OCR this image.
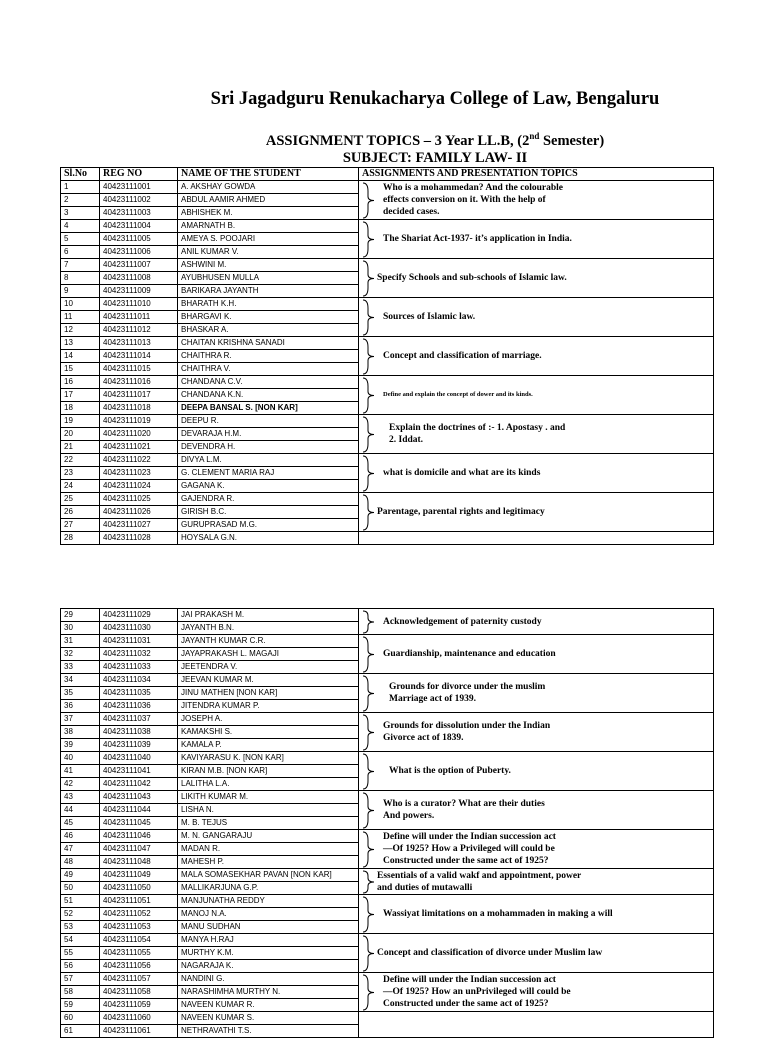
Sri Jagadguru Renukacharya College of Law, Bengaluru
ASSIGNMENT TOPICS – 3 Year LL.B, (2nd Semester)
SUBJECT: FAMILY LAW- II
Sl.No	REG NO	NAME OF THE STUDENT	ASSIGNMENTS AND PRESENTATION TOPICS
1	40423111001	A. AKSHAY GOWDA	Who is a mohammedan? And the colourable
effects conversion on it. With the help of
decided cases.

2	40423111002	ABDUL AAMIR AHMED	
3	40423111003	ABHISHEK M.	
4	40423111004	AMARNATH B.	The Shariat Act-1937- it’s application in India.

5	40423111005	AMEYA S. POOJARI	
6	40423111006	ANIL KUMAR V.	
7	40423111007	ASHWINI M.	Specify Schools and sub-schools of Islamic law.

8	40423111008	AYUBHUSEN MULLA	
9	40423111009	BARIKARA JAYANTH	
10	40423111010	BHARATH K.H.	Sources of Islamic law.

11	40423111011	BHARGAVI K.	
12	40423111012	BHASKAR A.	
13	40423111013	CHAITAN KRISHNA SANADI	Concept and classification of marriage.

14	40423111014	CHAITHRA R.	
15	40423111015	CHAITHRA V.	
16	40423111016	CHANDANA C.V.	Define and explain the concept of dower and its kinds.

17	40423111017	CHANDANA K.N.	
18	40423111018	DEEPA BANSAL S. [NON KAR]	
19	40423111019	DEEPU R.	Explain the doctrines of :- 1. Apostasy . and
2. Iddat.

20	40423111020	DEVARAJA H.M.	
21	40423111021	DEVENDRA H.	
22	40423111022	DIVYA L.M.	what is domicile and what are its kinds

23	40423111023	G. CLEMENT MARIA RAJ	
24	40423111024	GAGANA K.	
25	40423111025	GAJENDRA R.	Parentage, parental rights and legitimacy

26	40423111026	GIRISH B.C.	
27	40423111027	GURUPRASAD M.G.	
28	40423111028	HOYSALA G.N.	
29	40423111029	JAI PRAKASH M.	Acknowledgement of paternity custody

30	40423111030	JAYANTH B.N.	
31	40423111031	JAYANTH KUMAR C.R.	Guardianship, maintenance and education

32	40423111032	JAYAPRAKASH L. MAGAJI	
33	40423111033	JEETENDRA V.	
34	40423111034	JEEVAN KUMAR M.	Grounds for divorce under the muslim
Marriage act of 1939.

35	40423111035	JINU MATHEN [NON KAR]	
36	40423111036	JITENDRA KUMAR P.	
37	40423111037	JOSEPH A.	Grounds for dissolution under the Indian
Givorce act of 1839.

38	40423111038	KAMAKSHI S.	
39	40423111039	KAMALA P.	
40	40423111040	KAVIYARASU K. [NON KAR]	What is the option of Puberty.

41	40423111041	KIRAN M.B. [NON KAR]	
42	40423111042	LALITHA L.A.	
43	40423111043	LIKITH KUMAR M.	Who is a curator? What are their duties
And powers.

44	40423111044	LISHA N.	
45	40423111045	M. B. TEJUS	
46	40423111046	M. N. GANGARAJU	Define will under the Indian succession act
—Of 1925? How a Privileged will could be
Constructed under the same act of 1925?

47	40423111047	MADAN R.	
48	40423111048	MAHESH P.	
49	40423111049	MALA SOMASEKHAR PAVAN [NON KAR]	Essentials of a valid wakf and appointment, power
and duties of mutawalli

50	40423111050	MALLIKARJUNA G.P.	
51	40423111051	MANJUNATHA REDDY	Wassiyat limitations on a mohammaden in making a will

52	40423111052	MANOJ N.A.	
53	40423111053	MANU SUDHAN	
54	40423111054	MANYA H.RAJ	Concept and classification of divorce under Muslim law

55	40423111055	MURTHY K.M.	
56	40423111056	NAGARAJA K.	
57	40423111057	NANDINI G.	Define will under the Indian succession act
—Of 1925? How an unPrivileged will could be
Constructed under the same act of 1925?

58	40423111058	NARASHIMHA MURTHY N.	
59	40423111059	NAVEEN KUMAR R.	
60	40423111060	NAVEEN KUMAR S.	

61	40423111061	NETHRAVATHI T.S.	
